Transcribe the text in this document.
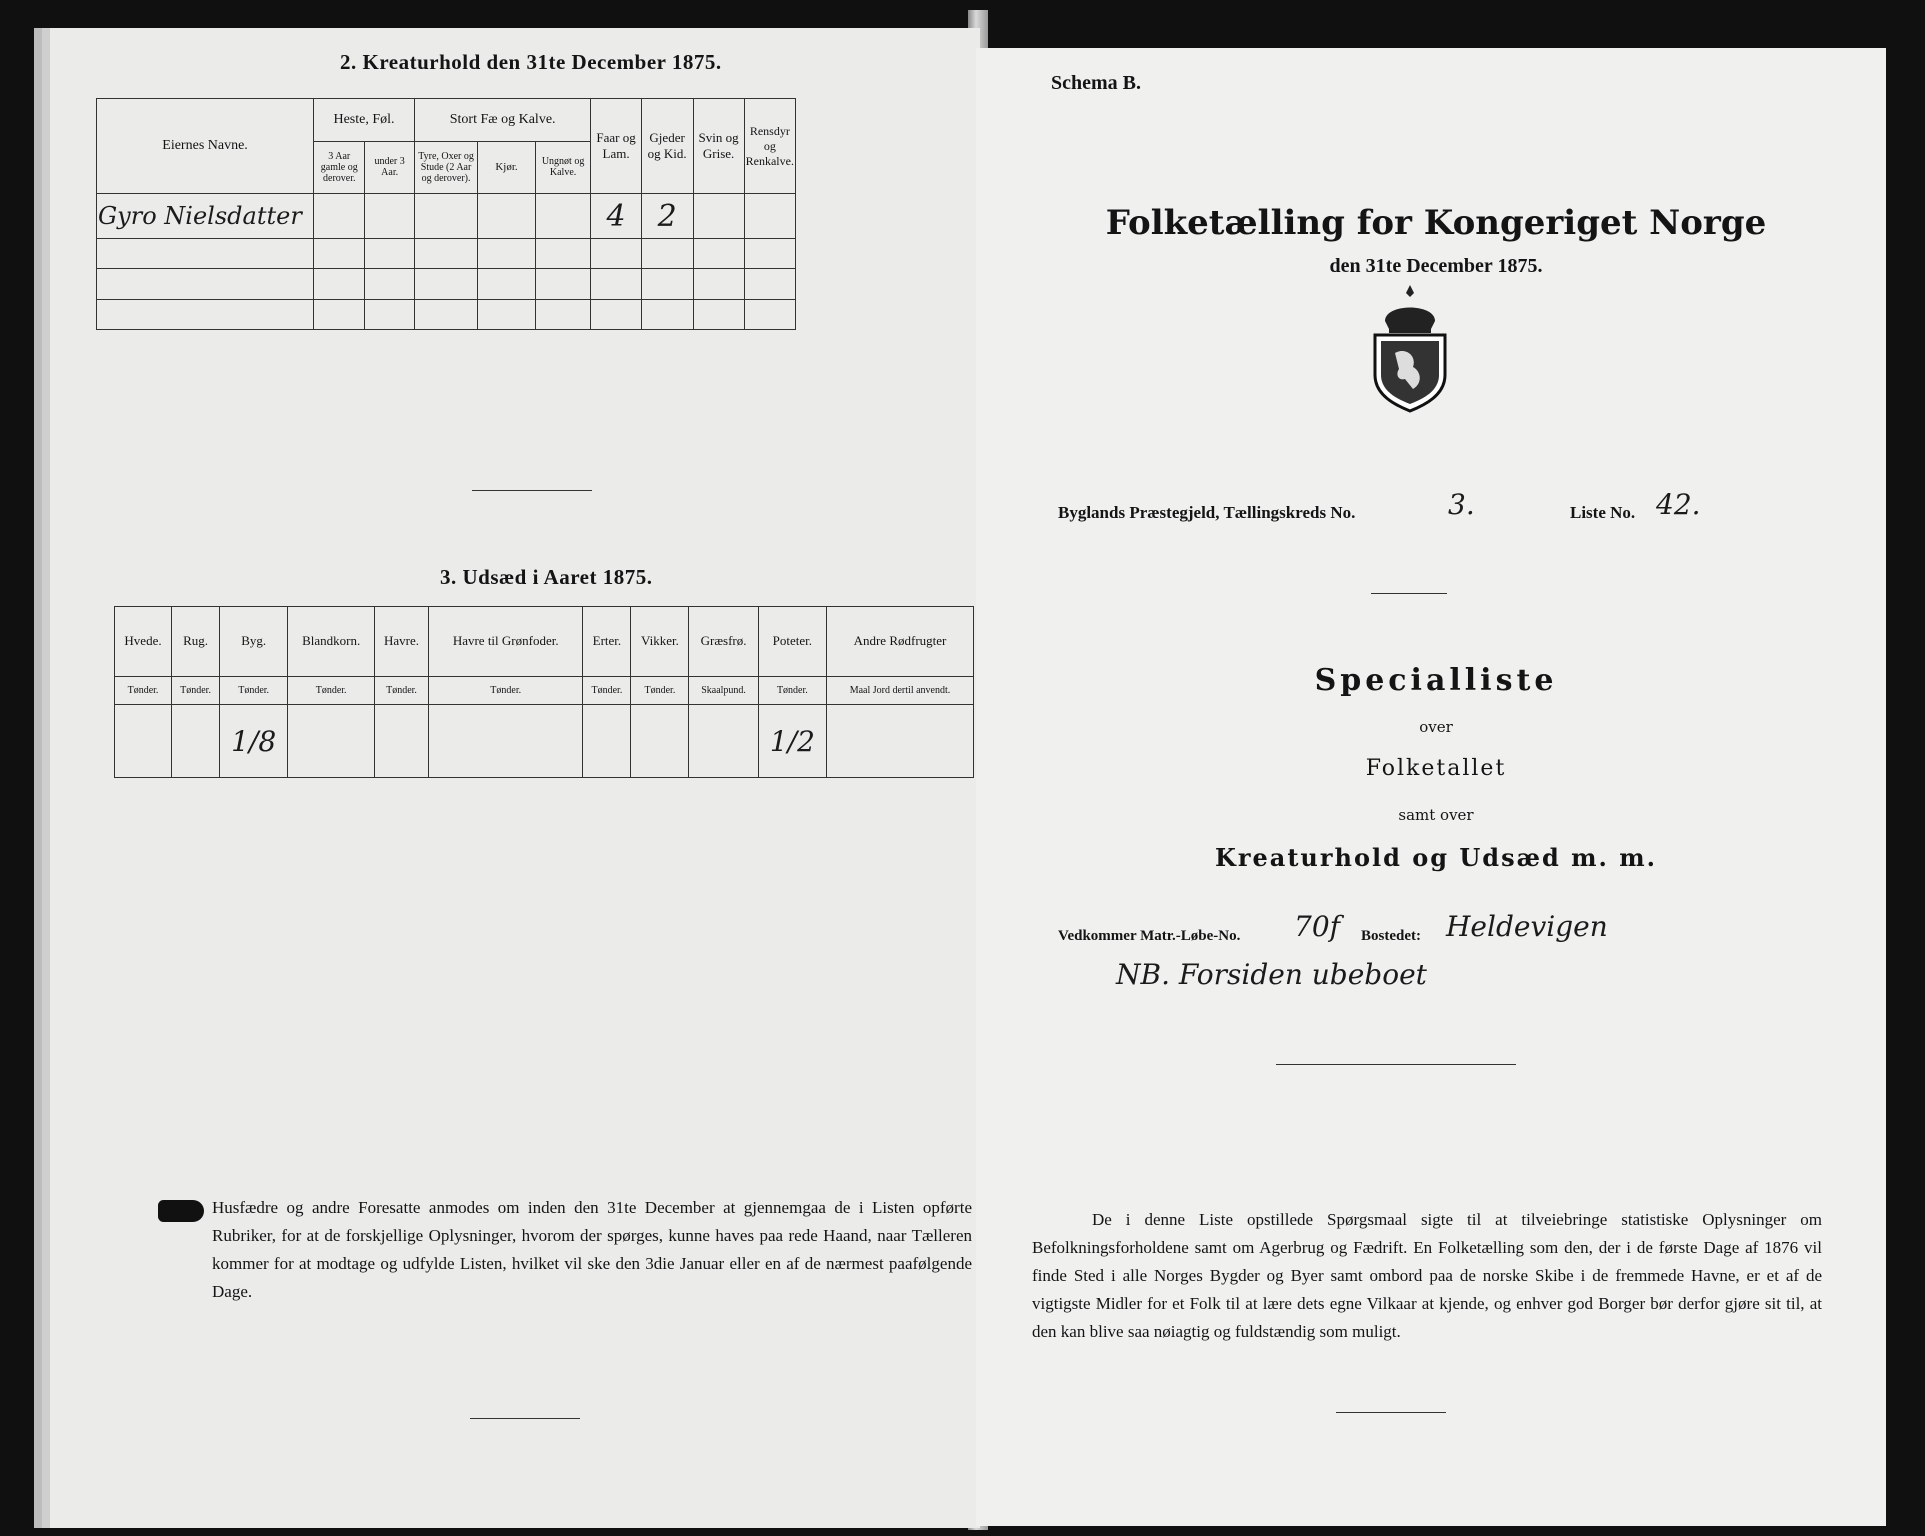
2. Kreaturhold den 31te December 1875.
Eiernes Navne.	Heste, Føl.		Stort Fæ og Kalve.			Faar og Lam.	Gjeder og Kid.	Svin og Grise.	Rensdyr og Renkalve.
	3 Aar gamle og derover.	under 3 Aar.	Tyre, Oxer og Stude (2 Aar og derover).	Kjør.	Ungnøt og Kalve.				
Gyro Nielsdatter						4	2		

3. Udsæd i Aaret 1875.
Hvede.	Rug.	Byg.	Blandkorn.	Havre.	Havre til Grønfoder.	Erter.	Vikker.	Græsfrø.	Poteter.	Andre Rødfrugter
Tønder.	Tønder.	Tønder.	Tønder.	Tønder.	Tønder.	Tønder.	Tønder.	Skaalpund.	Tønder.	Maal Jord dertil anvendt.
		1/8							1/2	
Husfædre og andre Foresatte anmodes om inden den 31te December at gjennemgaa de i Listen opførte Rubriker, for at de forskjellige Oplysninger, hvorom der spørges, kunne haves paa rede Haand, naar Tælleren kommer for at modtage og udfylde Listen, hvilket vil ske den 3die Januar eller en af de nærmest paafølgende Dage.
Schema B.
Folketælling for Kongeriget Norge
den 31te December 1875.
Byglands Præstegjeld, Tællingskreds No.	3.	Liste No. 42.
Specialliste
over
Folketallet
samt over
Kreaturhold og Udsæd m. m.
Vedkommer Matr.-Løbe-No. 70f Bostedet: Heldevigen
NB. Forsiden ubeboet
De i denne Liste opstillede Spørgsmaal sigte til at tilveiebringe statistiske Oplysninger om Befolkningsforholdene samt om Agerbrug og Fædrift. En Folketælling som den, der i de første Dage af 1876 vil finde Sted i alle Norges Bygder og Byer samt ombord paa de norske Skibe i de fremmede Havne, er et af de vigtigste Midler for et Folk til at lære dets egne Vilkaar at kjende, og enhver god Borger bør derfor gjøre sit til, at den kan blive saa nøiagtig og fuldstændig som muligt.
